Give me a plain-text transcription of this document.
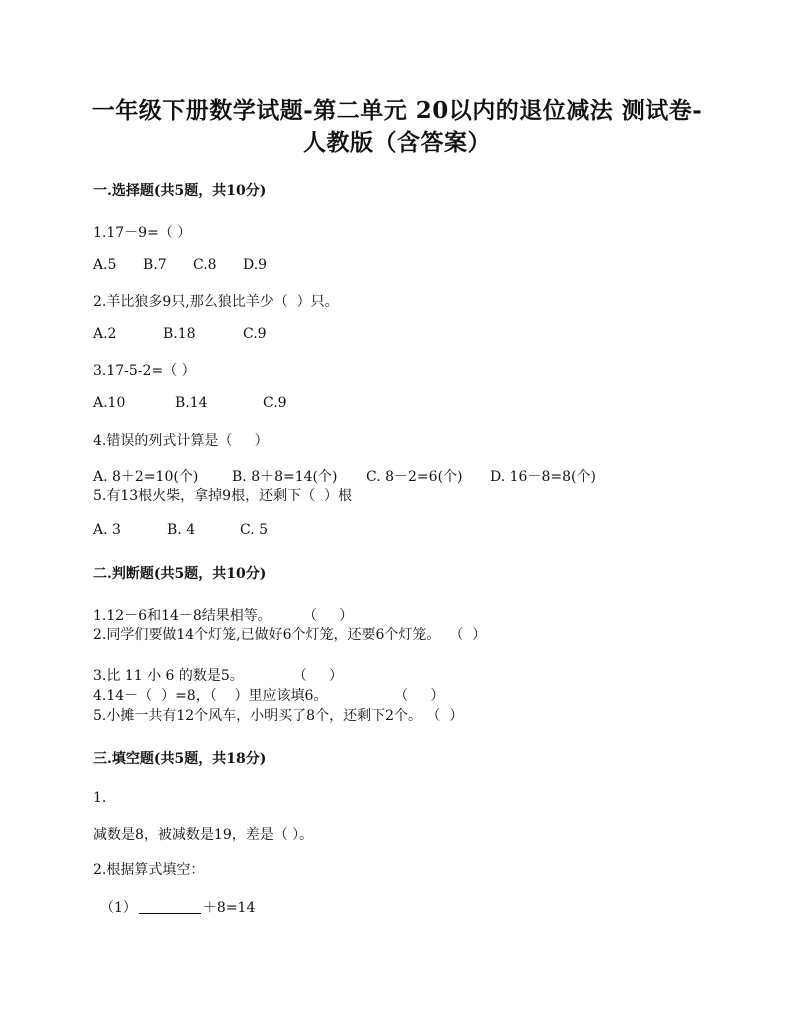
一年级下册数学试题-第二单元 20以内的退位减法 测试卷-
人教版（含答案）
一.选择题(共5题，共10分)
1.17－9=（ ）
A.5 B.7 C.8 D.9
2.羊比狼多9只,那么狼比羊少（  ）只。
A.2	B.18	C.9
3.17-5-2=（ ）
A.10	B.14	C.9
4.错误的列式计算是（     ）
A. 8＋2=10(个) B. 8＋8=14(个) C. 8－2=6(个) D. 16－8=8(个)
5.有13根火柴，拿掉9根，还剩下（  ）根
A. 3	B. 4	C. 5
二.判断题(共5题，共10分)
1.12－6和14－8结果相等。       （     ）
2.同学们要做14个灯笼,已做好6个灯笼，还要6个灯笼。  （  ）
3.比 11 小 6 的数是5。           （     ）
4.14－（  ）=8，（    ）里应该填6。               （     ）
5.小摊一共有12个风车，小明买了8个，还剩下2个。 （  ）
三.填空题(共5题，共18分)
1.
减数是8，被减数是19，差是（ ）。
2.根据算式填空：
（1）	＋8=14
